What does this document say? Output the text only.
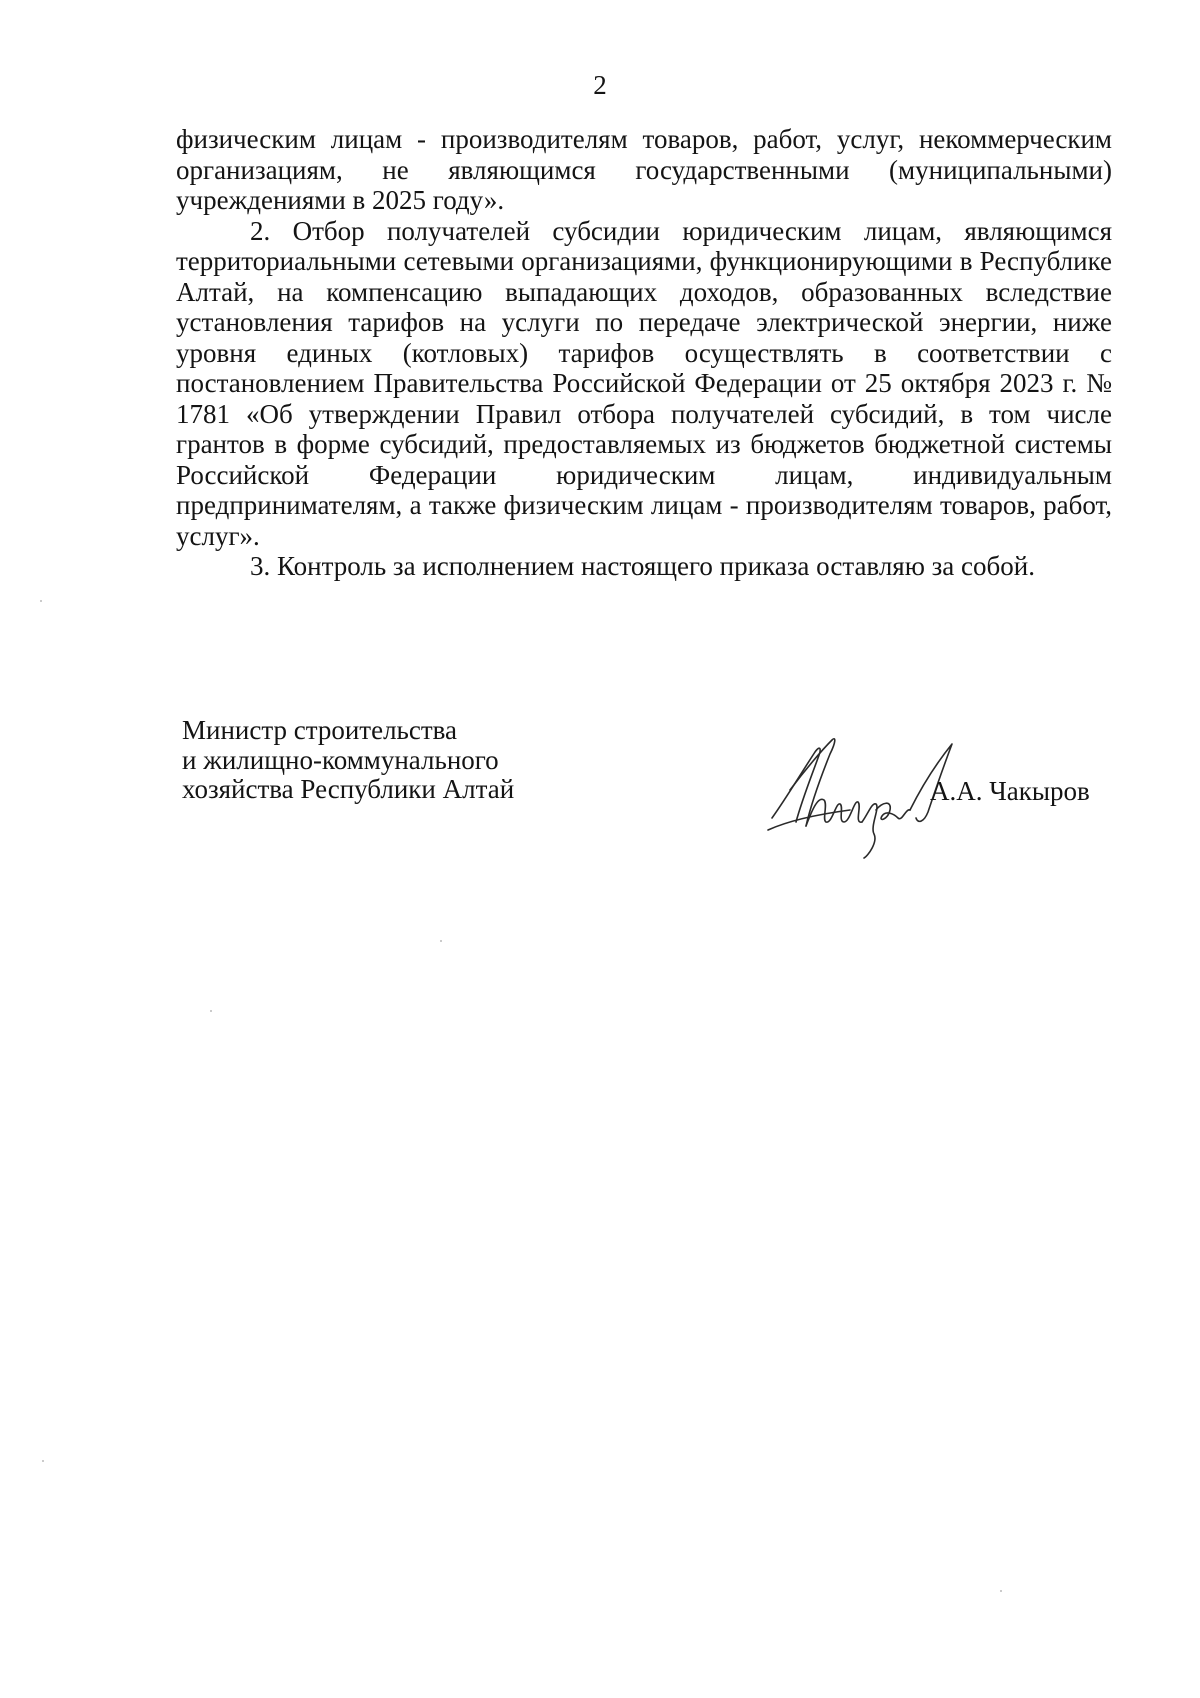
2

физическим лицам - производителям товаров, работ, услуг, некоммерческим организациям, не являющимся государственными (муниципальными) учреждениями в 2025 году».

2. Отбор получателей субсидии юридическим лицам, являющимся территориальными сетевыми организациями, функционирующими в Республике Алтай, на компенсацию выпадающих доходов, образованных вследствие установления тарифов на услуги по передаче электрической энергии, ниже уровня единых (котловых) тарифов осуществлять в соответствии с постановлением Правительства Российской Федерации от 25 октября 2023 г. № 1781 «Об утверждении Правил отбора получателей субсидий, в том числе грантов в форме субсидий, предоставляемых из бюджетов бюджетной системы Российской Федерации юридическим лицам, индивидуальным предпринимателям, а также физическим лицам - производителям товаров, работ, услуг».

3. Контроль за исполнением настоящего приказа оставляю за собой.

Министр строительства
и жилищно-коммунального
хозяйства Республики Алтай	А.А. Чакыров
